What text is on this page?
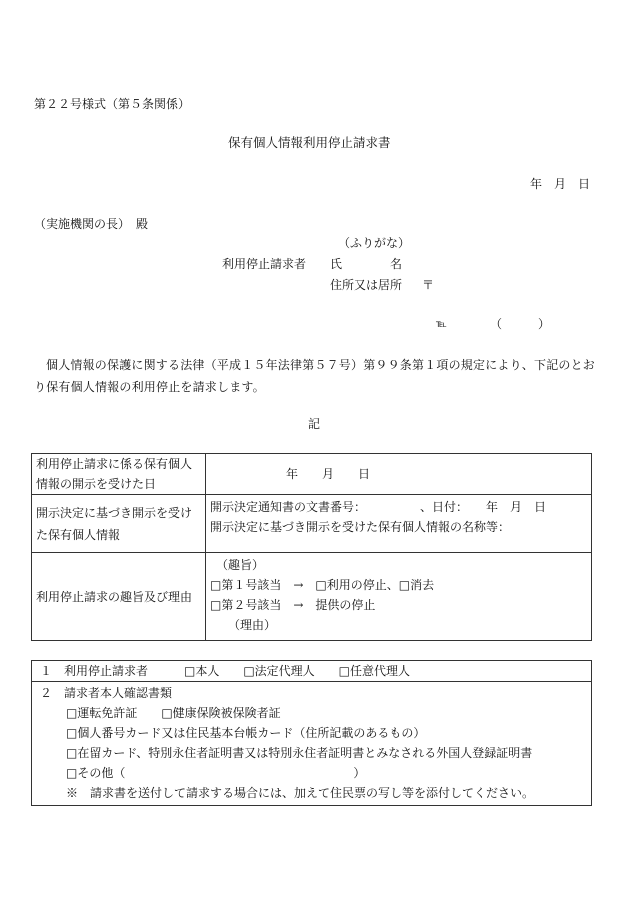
第２２号様式（第５条関係）
保有個人情報利用停止請求書
年　月　日
（実施機関の長）　殿
（ふりがな）
利用停止請求者 氏　　　　名
住所又は居所 〒
℡	（　　　）
個人情報の保護に関する法律（平成１５年法律第５７号）第９９条第１項の規定により、下記のとおり保有個人情報の利用停止を請求します。
記
利用停止請求に係る保有個人情報の開示を受けた日	年　　月　　日

開示決定に基づき開示を受けた保有個人情報	開示決定通知書の文書番号：　　　　　、日付：　　年　月　日
開示決定に基づき開示を受けた保有個人情報の名称等：

利用停止請求の趣旨及び理由	（趣旨）
□第１号該当　→　□利用の停止、□消去
□第２号該当　→　提供の停止
（理由）
１　利用停止請求者　　　□本人　　□法定代理人　　□任意代理人

２　請求者本人確認書類
□運転免許証　　□健康保険被保険者証
□個人番号カード又は住民基本台帳カード（住所記載のあるもの）
□在留カード、特別永住者証明書又は特別永住者証明書とみなされる外国人登録証明書
□その他（　　　　　　　　　　　　　　　　　　　）
※　請求書を送付して請求する場合には、加えて住民票の写し等を添付してください。
